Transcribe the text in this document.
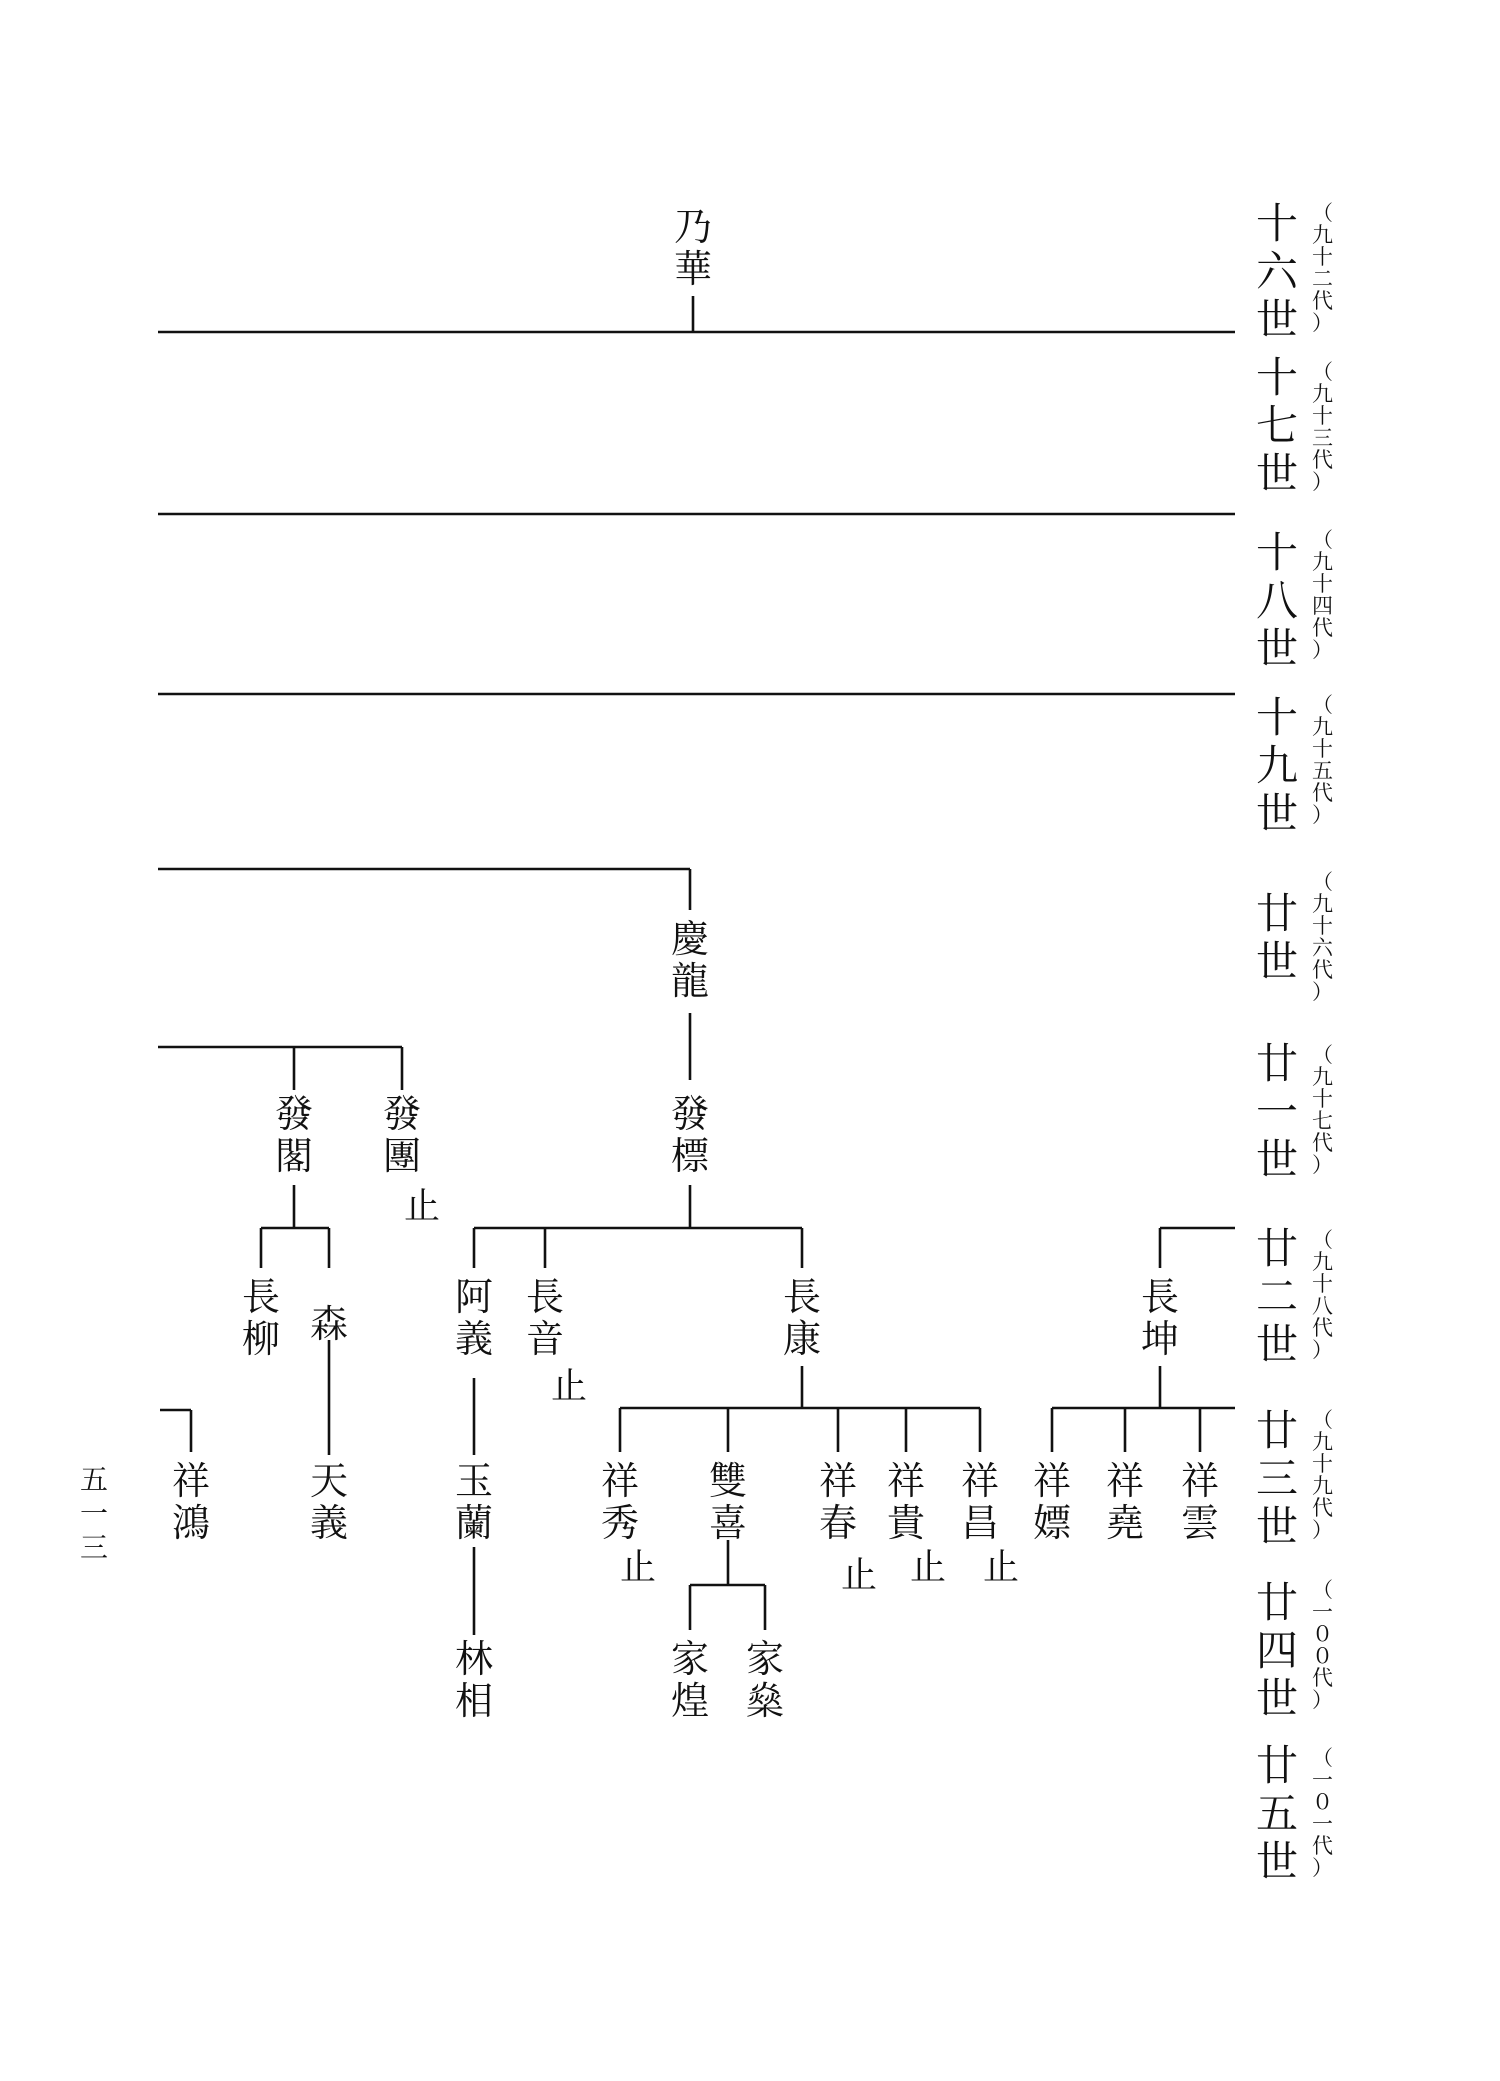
十
六
世
（
九
十
二
代
）
十
七
世
（
九
十
三
代
）
十
八
世
（
九
十
四
代
）
十
九
世
（
九
十
五
代
）
廿
世
（
九
十
六
代
）
廿
一
世
（
九
十
七
代
）
廿
二
世
（
九
十
八
代
）
廿
三
世
（
九
十
九
代
）
廿
四
世
（
一
０
０
代
）
廿
五
世
（
一
０
一
代
）
乃
華
慶
龍
發
閣
發
團
發
標
長
柳 森
阿
義
長
音
長
康
長
坤
祥
鴻
天
義
玉
蘭
祥
秀
雙
喜
祥
春
祥
貴
祥
昌
祥
嫖
祥
堯
祥
雲
林
相
家
煌
家
燊
止
止
止	止 止 止
五
一
三
